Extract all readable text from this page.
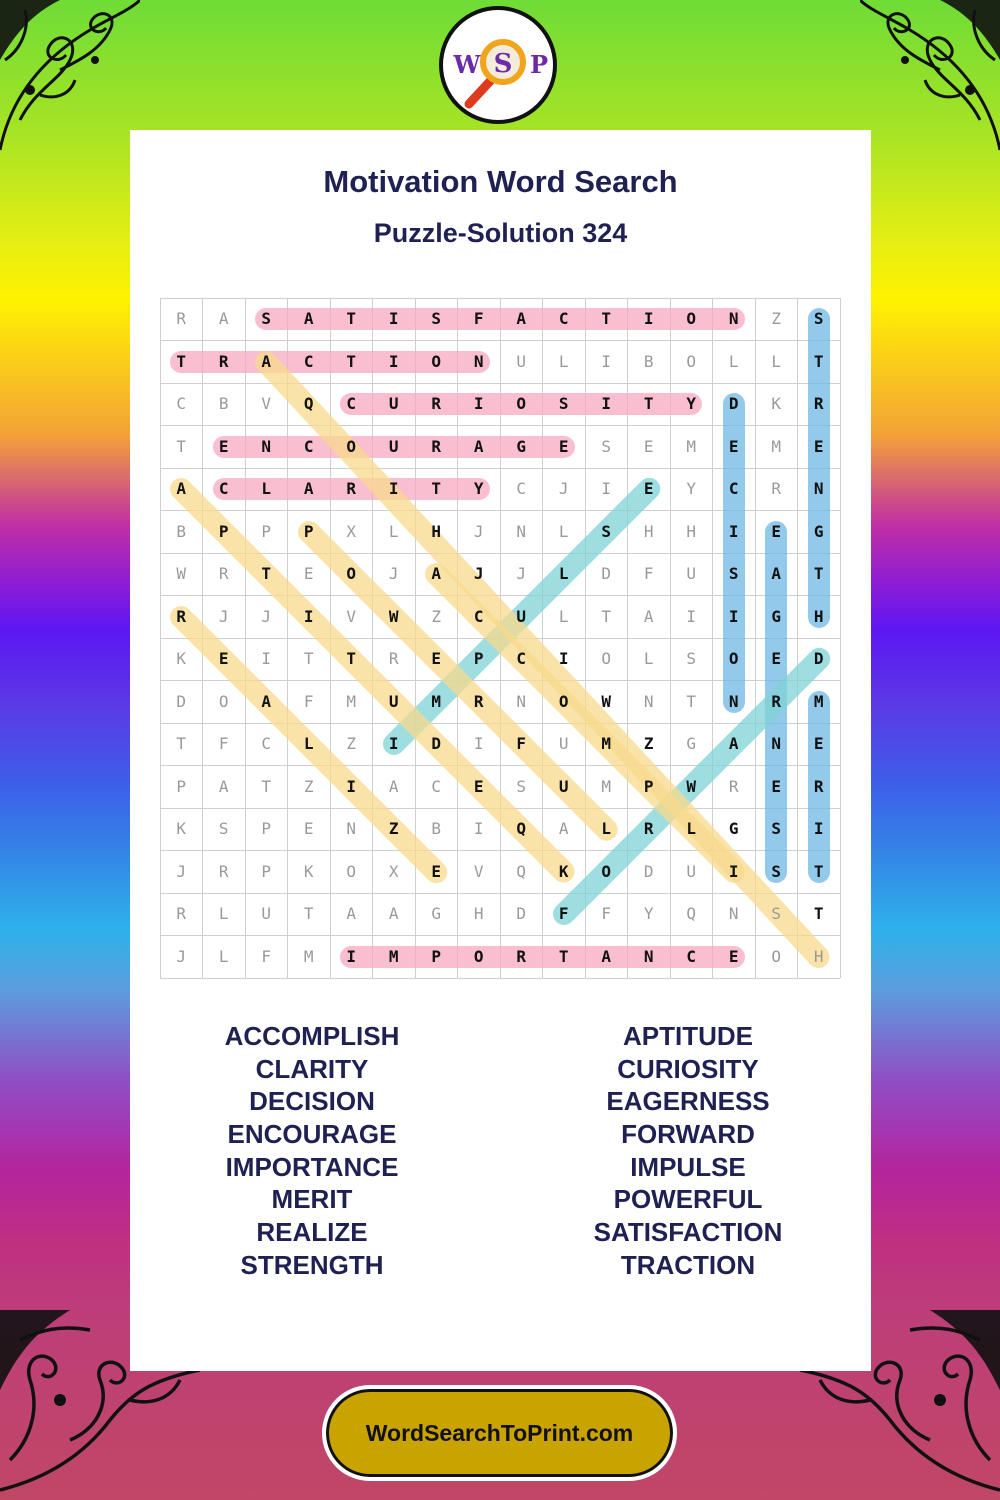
W S P
Motivation Word Search
Puzzle-Solution 324
R	A	S	A	T	I	S	F	A	C	T	I	O	N	Z	S
T	R	A	C	T	I	O	N	U	L	I	B	O	L	L	T
C	B	V	Q	C	U	R	I	O	S	I	T	Y	D	K	R
T	E	N	C	O	U	R	A	G	E	S	E	M	E	M	E
A	C	L	A	R	I	T	Y	C	J	I	E	Y	C	R	N
B	P	P	P	X	L	H	J	N	L	S	H	H	I	E	G
W	R	T	E	O	J	A	J	J	L	D	F	U	S	A	T
R	J	J	I	V	W	Z	C	U	L	T	A	I	I	G	H
K	E	I	T	T	R	E	P	C	I	O	L	S	O	E	D
D	O	A	F	M	U	M	R	N	O	W	N	T	N	R	M
T	F	C	L	Z	I	D	I	F	U	M	Z	G	A	N	E
P	A	T	Z	I	A	C	E	S	U	M	P	W	R	E	R
K	S	P	E	N	Z	B	I	Q	A	L	R	L	G	S	I
J	R	P	K	O	X	E	V	Q	K	O	D	U	I	S	T
R	L	U	T	A	A	G	H	D	F	F	Y	Q	N	S	T
J	L	F	M	I	M	P	O	R	T	A	N	C	E	O	H
ACCOMPLISH
CLARITY
DECISION
ENCOURAGE
IMPORTANCE
MERIT
REALIZE
STRENGTH
APTITUDE
CURIOSITY
EAGERNESS
FORWARD
IMPULSE
POWERFUL
SATISFACTION
TRACTION
WordSearchToPrint.com
